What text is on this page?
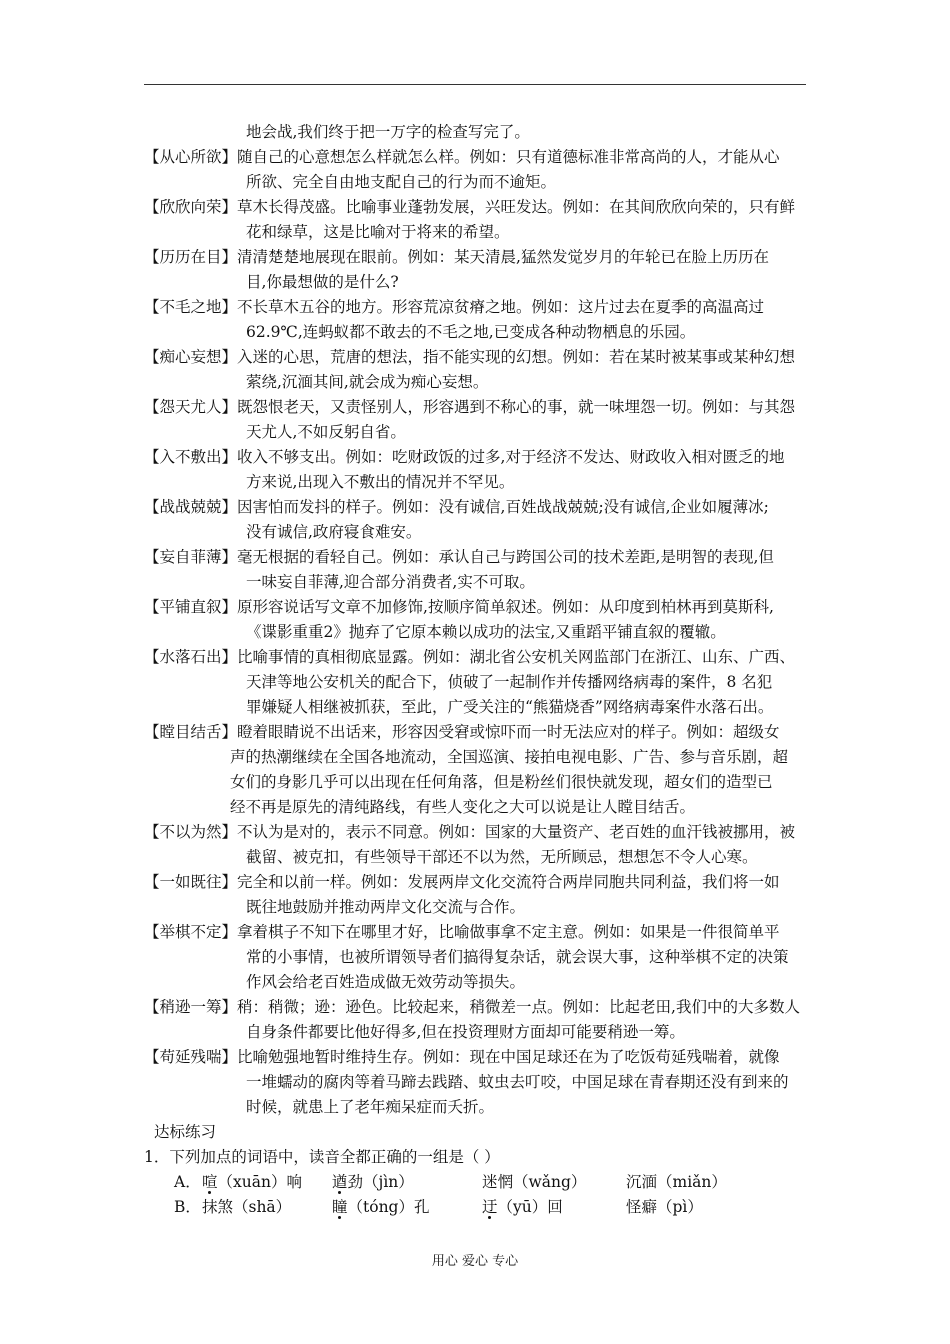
地会战,我们终于把一万字的检查写完了。
【从心所欲】随自己的心意想怎么样就怎么样。例如：只有道德标准非常高尚的人，才能从心
所欲、完全自由地支配自己的行为而不逾矩。
【欣欣向荣】草木长得茂盛。比喻事业蓬勃发展，兴旺发达。例如：在其间欣欣向荣的，只有鲜
花和绿草，这是比喻对于将来的希望。
【历历在目】清清楚楚地展现在眼前。例如：某天清晨,猛然发觉岁月的年轮已在脸上历历在
目,你最想做的是什么?
【不毛之地】不长草木五谷的地方。形容荒凉贫瘠之地。例如：这片过去在夏季的高温高过
62.9℃,连蚂蚁都不敢去的不毛之地,已变成各种动物栖息的乐园。
【痴心妄想】入迷的心思，荒唐的想法，指不能实现的幻想。例如：若在某时被某事或某种幻想
萦绕,沉湎其间,就会成为痴心妄想。
【怨天尤人】既怨恨老天，又责怪别人，形容遇到不称心的事，就一味埋怨一切。例如：与其怨
天尤人,不如反躬自省。
【入不敷出】收入不够支出。例如：吃财政饭的过多,对于经济不发达、财政收入相对匮乏的地
方来说,出现入不敷出的情况并不罕见。
【战战兢兢】因害怕而发抖的样子。例如：没有诚信,百姓战战兢兢;没有诚信,企业如履薄冰;
没有诚信,政府寝食难安。
【妄自菲薄】毫无根据的看轻自己。例如：承认自己与跨国公司的技术差距,是明智的表现,但
一味妄自菲薄,迎合部分消费者,实不可取。
【平铺直叙】原形容说话写文章不加修饰,按顺序简单叙述。例如：从印度到柏林再到莫斯科,
《谍影重重2》抛弃了它原本赖以成功的法宝,又重蹈平铺直叙的覆辙。
【水落石出】比喻事情的真相彻底显露。例如：湖北省公安机关网监部门在浙江、山东、广西、
天津等地公安机关的配合下，侦破了一起制作并传播网络病毒的案件，8 名犯
罪嫌疑人相继被抓获，至此，广受关注的“熊猫烧香”网络病毒案件水落石出。
【瞠目结舌】瞪着眼睛说不出话来，形容因受窘或惊吓而一时无法应对的样子。例如：超级女
声的热潮继续在全国各地流动，全国巡演、接拍电视电影、广告、参与音乐剧，超
女们的身影几乎可以出现在任何角落，但是粉丝们很快就发现，超女们的造型已
经不再是原先的清纯路线，有些人变化之大可以说是让人瞠目结舌。
【不以为然】不认为是对的，表示不同意。例如：国家的大量资产、老百姓的血汗钱被挪用，被
截留、被克扣，有些领导干部还不以为然，无所顾忌，想想怎不令人心寒。
【一如既往】完全和以前一样。例如：发展两岸文化交流符合两岸同胞共同利益，我们将一如
既往地鼓励并推动两岸文化交流与合作。
【举棋不定】拿着棋子不知下在哪里才好，比喻做事拿不定主意。例如：如果是一件很简单平
常的小事情，也被所谓领导者们搞得复杂话，就会误大事，这种举棋不定的决策
作风会给老百姓造成做无效劳动等损失。
【稍逊一筹】稍：稍微；逊：逊色。比较起来，稍微差一点。例如：比起老田,我们中的大多数人
自身条件都要比他好得多,但在投资理财方面却可能要稍逊一筹。
【苟延残喘】比喻勉强地暂时维持生存。例如：现在中国足球还在为了吃饭苟延残喘着，就像
一堆蠕动的腐肉等着马蹄去践踏、蚊虫去叮咬，中国足球在青春期还没有到来的
时候，就患上了老年痴呆症而夭折。
达标练习
1．下列加点的词语中，读音全都正确的一组是（ ）
A． 喧（xuān）响 遒劲（jìn）	迷惘（wǎng）	沉湎（miǎn）
B． 抹煞（shā）	瞳（tóng）孔	迂（yū）回	怪癖（pì）
用心 爱心 专心
